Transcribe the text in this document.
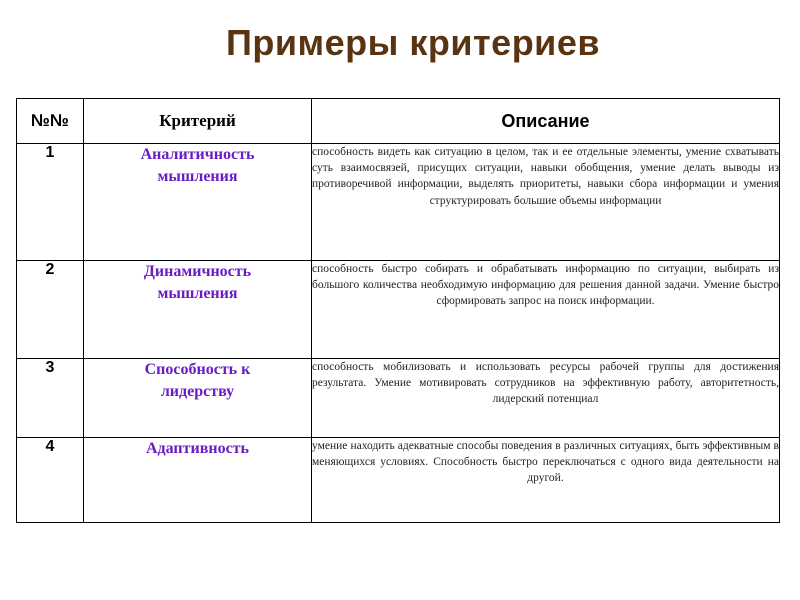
Примеры критериев
№№	Критерий	Описание
1	Аналитичность мышления	способность видеть как ситуацию в целом, так и ее отдельные элементы, умение схватывать суть взаимосвязей, присущих ситуации, навыки обобщения, умение делать выводы из противоречивой информации, выделять приоритеты, навыки сбора информации и умения структурировать большие объемы информации
2	Динамичность мышления	способность быстро собирать и обрабатывать информацию по ситуации, выбирать из большого количества необходимую информацию для решения данной задачи. Умение быстро сформировать запрос на поиск информации.
3	Способность к лидерству	способность мобилизовать и использовать ресурсы рабочей группы для достижения результата. Умение мотивировать сотрудников на эффективную работу, авторитетность, лидерский потенциал
4	Адаптивность	умение находить адекватные способы поведения в различных ситуациях, быть эффективным в меняющихся условиях. Способность быстро переключаться с одного вида деятельности на другой.
